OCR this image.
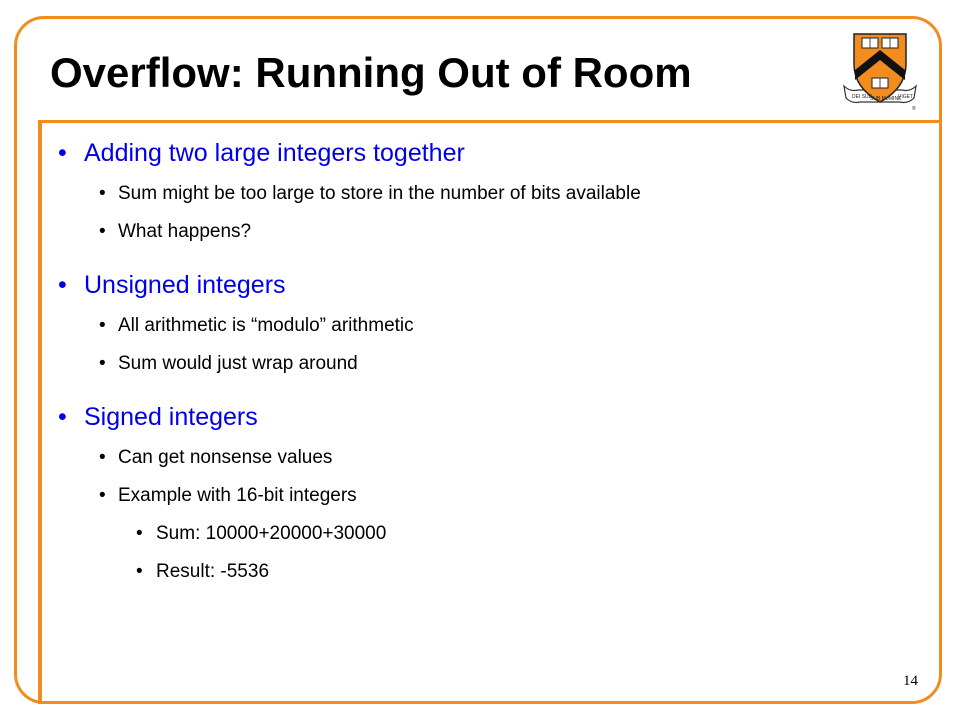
Overflow: Running Out of Room
DEI SUB
SUB NUMINE
VIGET
®
• Adding two large integers together
• Sum might be too large to store in the number of bits available
• What happens?
• Unsigned integers
• All arithmetic is “modulo” arithmetic
• Sum would just wrap around
• Signed integers
• Can get nonsense values
• Example with 16-bit integers
• Sum: 10000+20000+30000
• Result: -5536
14
